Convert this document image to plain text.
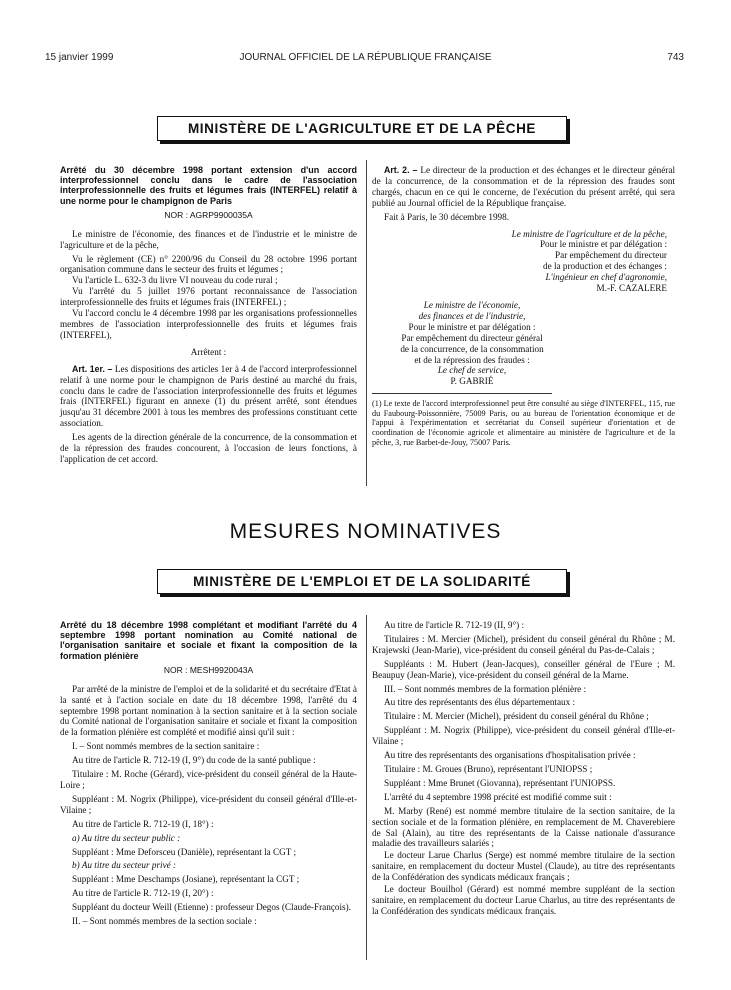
15 janvier 1999	JOURNAL OFFICIEL DE LA RÉPUBLIQUE FRANÇAISE	743
MINISTÈRE DE L'AGRICULTURE ET DE LA PÊCHE
Arrêté du 30 décembre 1998 portant extension d'un accord interprofessionnel conclu dans le cadre de l'association interprofessionnelle des fruits et légumes frais (INTERFEL) relatif à une norme pour le champignon de Paris
NOR : AGRP9900035A

Le ministre de l'économie, des finances et de l'industrie et le ministre de l'agriculture et de la pêche,

Vu le règlement (CE) n° 2200/96 du Conseil du 28 octobre 1996 portant organisation commune dans le secteur des fruits et légumes ;

Vu l'article L. 632-3 du livre VI nouveau du code rural ;

Vu l'arrêté du 5 juillet 1976 portant reconnaissance de l'association interprofessionnelle des fruits et légumes frais (INTERFEL) ;

Vu l'accord conclu le 4 décembre 1998 par les organisations professionnelles membres de l'association interprofessionnelle des fruits et légumes frais (INTERFEL),

Arrêtent :

Art. 1er. – Les dispositions des articles 1er à 4 de l'accord interprofessionnel relatif à une norme pour le champignon de Paris destiné au marché du frais, conclu dans le cadre de l'association interprofessionnelle des fruits et légumes frais (INTERFEL) figurant en annexe (1) du présent arrêté, sont étendues jusqu'au 31 décembre 2001 à tous les membres des professions constituant cette association.

Les agents de la direction générale de la concurrence, de la consommation et de la répression des fraudes concourent, à l'occasion de leurs fonctions, à l'application de cet accord.

Art. 2. – Le directeur de la production et des échanges et le directeur général de la concurrence, de la consommation et de la répression des fraudes sont chargés, chacun en ce qui le concerne, de l'exécution du présent arrêté, qui sera publié au Journal officiel de la République française.

Fait à Paris, le 30 décembre 1998.

Le ministre de l'agriculture et de la pêche,
Pour le ministre et par délégation :
Par empêchement du directeur
de la production et des échanges :
L'ingénieur en chef d'agronomie,
M.-F. CAZALERE
Le ministre de l'économie,
des finances et de l'industrie,
Pour le ministre et par délégation :
Par empêchement du directeur général
de la concurrence, de la consommation
et de la répression des fraudes :
Le chef de service,
P. GABRIÉ
(1) Le texte de l'accord interprofessionnel peut être consulté au siège d'INTERFEL, 115, rue du Faubourg-Poissonnière, 75009 Paris, ou au bureau de l'orientation économique et de l'appui à l'expérimentation et secrétariat du Conseil supérieur d'orientation et de coordination de l'économie agricole et alimentaire au ministère de l'agriculture et de la pêche, 3, rue Barbet-de-Jouy, 75007 Paris.
MESURES NOMINATIVES
MINISTÈRE DE L'EMPLOI ET DE LA SOLIDARITÉ
Arrêté du 18 décembre 1998 complétant et modifiant l'arrêté du 4 septembre 1998 portant nomination au Comité national de l'organisation sanitaire et sociale et fixant la composition de la formation plénière
NOR : MESH9920043A

Par arrêté de la ministre de l'emploi et de la solidarité et du secrétaire d'Etat à la santé et à l'action sociale en date du 18 décembre 1998, l'arrêté du 4 septembre 1998 portant nomination à la section sanitaire et à la section sociale du Comité national de l'organisation sanitaire et sociale et fixant la composition de la formation plénière est complété et modifié ainsi qu'il suit :

I. – Sont nommés membres de la section sanitaire :

Au titre de l'article R. 712-19 (I, 9°) du code de la santé publique :

Titulaire : M. Roche (Gérard), vice-président du conseil général de la Haute-Loire ;

Suppléant : M. Nogrix (Philippe), vice-président du conseil général d'Ille-et-Vilaine ;

Au titre de l'article R. 712-19 (I, 18°) :

a) Au titre du secteur public :

Suppléant : Mme Deforsceu (Danièle), représentant la CGT ;

b) Au titre du secteur privé :

Suppléant : Mme Deschamps (Josiane), représentant la CGT ;

Au titre de l'article R. 712-19 (I, 20°) :

Suppléant du docteur Weill (Etienne) : professeur Degos (Claude-François).

II. – Sont nommés membres de la section sociale :

Au titre de l'article R. 712-19 (II, 9°) :

Titulaires : M. Mercier (Michel), président du conseil général du Rhône ; M. Krajewski (Jean-Marie), vice-président du conseil général du Pas-de-Calais ;

Suppléants : M. Hubert (Jean-Jacques), conseiller général de l'Eure ; M. Beaupuy (Jean-Marie), vice-président du conseil général de la Marne.

III. – Sont nommés membres de la formation plénière :

Au titre des représentants des élus départementaux :

Titulaire : M. Mercier (Michel), président du conseil général du Rhône ;

Suppléant : M. Nogrix (Philippe), vice-président du conseil général d'Ille-et-Vilaine ;

Au titre des représentants des organisations d'hospitalisation privée :

Titulaire : M. Groues (Bruno), représentant l'UNIOPSS ;

Suppléant : Mme Brunet (Giovanna), représentant l'UNIOPSS.

L'arrêté du 4 septembre 1998 précité est modifié comme suit :

M. Marby (René) est nommé membre titulaire de la section sanitaire, de la section sociale et de la formation plénière, en remplacement de M. Chaverebiere de Sal (Alain), au titre des représentants de la Caisse nationale d'assurance maladie des travailleurs salariés ;

Le docteur Larue Charlus (Serge) est nommé membre titulaire de la section sanitaire, en remplacement du docteur Mustel (Claude), au titre des représentants de la Confédération des syndicats médicaux français ;

Le docteur Bouilhol (Gérard) est nommé membre suppléant de la section sanitaire, en remplacement du docteur Larue Charlus, au titre des représentants de la Confédération des syndicats médicaux français.
